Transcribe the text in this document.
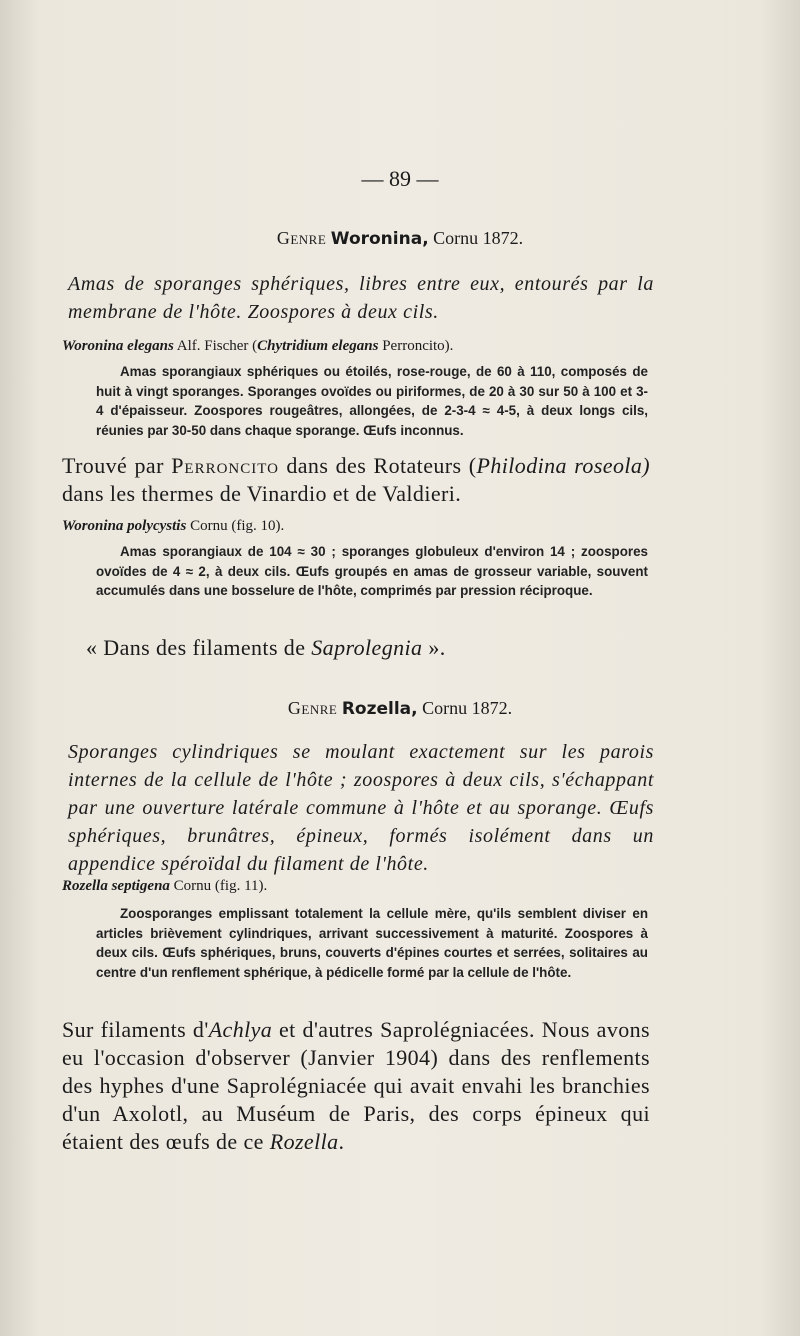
— 89 —
Genre Woronina, Cornu 1872.
Amas de sporanges sphériques, libres entre eux, entourés par la membrane de l'hôte. Zoospores à deux cils.
Woronina elegans Alf. Fischer (Chytridium elegans Perroncito).
Amas sporangiaux sphériques ou étoilés, rose-rouge, de 60 à 110, composés de huit à vingt sporanges. Sporanges ovoïdes ou piriformes, de 20 à 30 sur 50 à 100 et 3-4 d'épaisseur. Zoospores rougeâtres, allongées, de 2-3-4 ≈ 4-5, à deux longs cils, réunies par 30-50 dans chaque sporange. Œufs inconnus.
Trouvé par Perroncito dans des Rotateurs (Philodina roseola) dans les thermes de Vinardio et de Valdieri.
Woronina polycystis Cornu (fig. 10).
Amas sporangiaux de 104 ≈ 30 ; sporanges globuleux d'environ 14 ; zoospores ovoïdes de 4 ≈ 2, à deux cils. Œufs groupés en amas de grosseur variable, souvent accumulés dans une bosselure de l'hôte, comprimés par pression réciproque.
« Dans des filaments de Saprolegnia ».
Genre Rozella, Cornu 1872.
Sporanges cylindriques se moulant exactement sur les parois internes de la cellule de l'hôte ; zoospores à deux cils, s'échappant par une ouverture latérale commune à l'hôte et au sporange. Œufs sphériques, brunâtres, épineux, formés isolément dans un appendice spéroïdal du filament de l'hôte.
Rozella septigena Cornu (fig. 11).
Zoosporanges emplissant totalement la cellule mère, qu'ils semblent diviser en articles brièvement cylindriques, arrivant successivement à maturité. Zoospores à deux cils. Œufs sphériques, bruns, couverts d'épines courtes et serrées, solitaires au centre d'un renflement sphérique, à pédicelle formé par la cellule de l'hôte.
Sur filaments d'Achlya et d'autres Saprolégniacées. Nous avons eu l'occasion d'observer (Janvier 1904) dans des renflements des hyphes d'une Saprolégniacée qui avait envahi les branchies d'un Axolotl, au Muséum de Paris, des corps épineux qui étaient des œufs de ce Rozella.
